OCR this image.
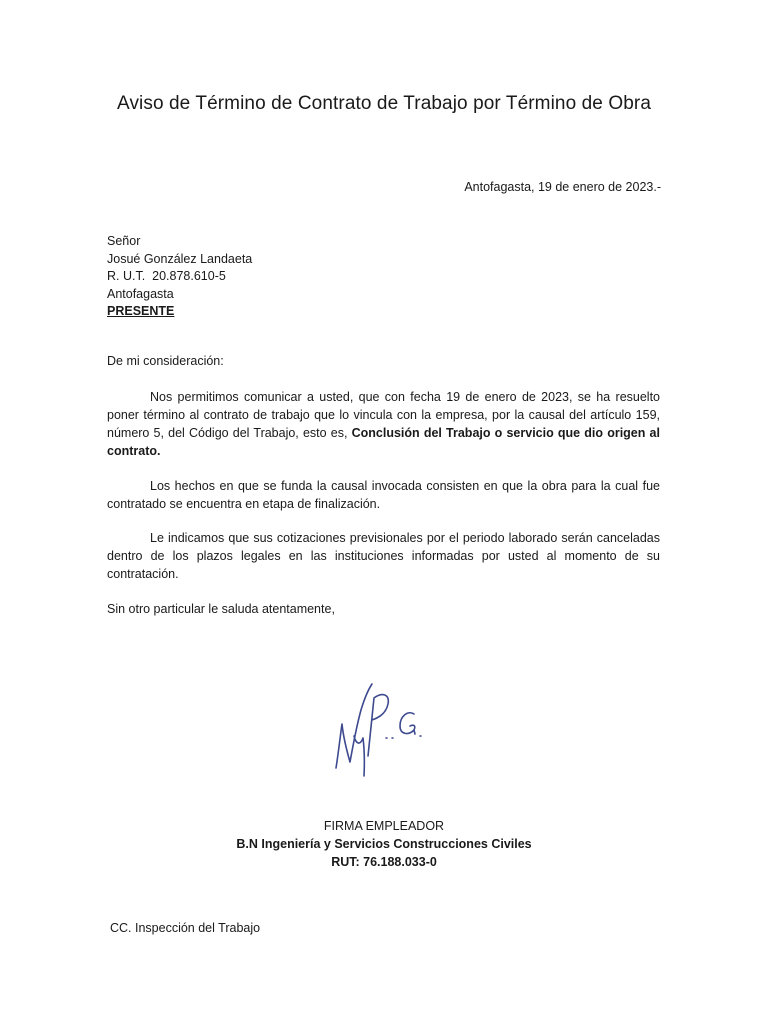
Aviso de Término de Contrato de Trabajo por Término de Obra
Antofagasta, 19 de enero de 2023.-
Señor
Josué González Landaeta
R. U.T.  20.878.610-5
Antofagasta
PRESENTE
De mi consideración:
Nos permitimos comunicar a usted, que con fecha 19 de enero de 2023, se ha resuelto poner término al contrato de trabajo que lo vincula con la empresa, por la causal del artículo 159, número 5, del Código del Trabajo, esto es, Conclusión del Trabajo o servicio que dio origen al contrato.
Los hechos en que se funda la causal invocada consisten en que la obra para la cual fue contratado se encuentra en etapa de finalización.
Le indicamos que sus cotizaciones previsionales por el periodo laborado serán canceladas dentro de los plazos legales en las instituciones informadas por usted al momento de su contratación.
Sin otro particular le saluda atentamente,
FIRMA EMPLEADOR
B.N Ingeniería y Servicios Construcciones Civiles
RUT: 76.188.033-0
CC. Inspección del Trabajo
